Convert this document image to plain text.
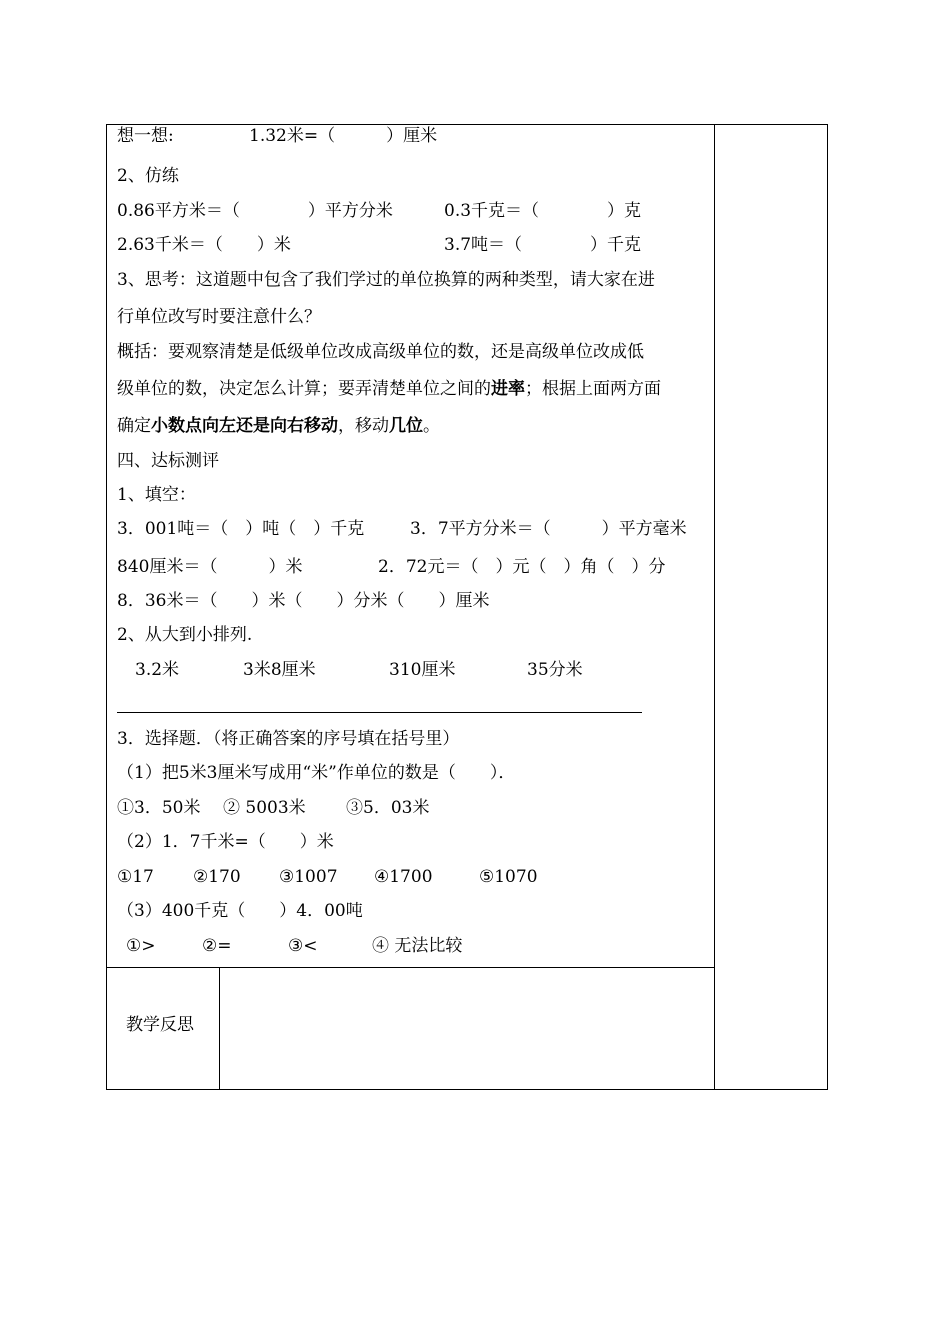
想一想:	1.32米=（　　　）厘米
2、仿练
0.86平方米＝（　　　　）平方分米	0.3千克＝（　　　　）克
2.63千米＝（　　）米	3.7吨＝（　　　　）千克
3、思考：这道题中包含了我们学过的单位换算的两种类型，请大家在进
行单位改写时要注意什么？
概括：要观察清楚是低级单位改成高级单位的数，还是高级单位改成低
级单位的数，决定怎么计算；要弄清楚单位之间的进率；根据上面两方面
确定小数点向左还是向右移动，移动几位。
四、达标测评
1、填空：
3．001吨＝（　）吨（　）千克	3．7平方分米＝（　　　）平方毫米
840厘米＝（　　　）米	2．72元＝（　）元（　）角（　）分
8．36米＝（　　）米（　　）分米（　　）厘米
2、从大到小排列.
3.2米	3米8厘米	310厘米	35分米
3．选择题．（将正确答案的序号填在括号里）
（1）把5米3厘米写成用“米”作单位的数是（　　）．
①3．50米 ② 5003米 ③5．03米
（2）1．7千米=（　　）米
①17 ②170 ③1007 ④1700	⑤1070
（3）400千克（　　）4．00吨
①>	②=	③<	④ 无法比较
教学反思
